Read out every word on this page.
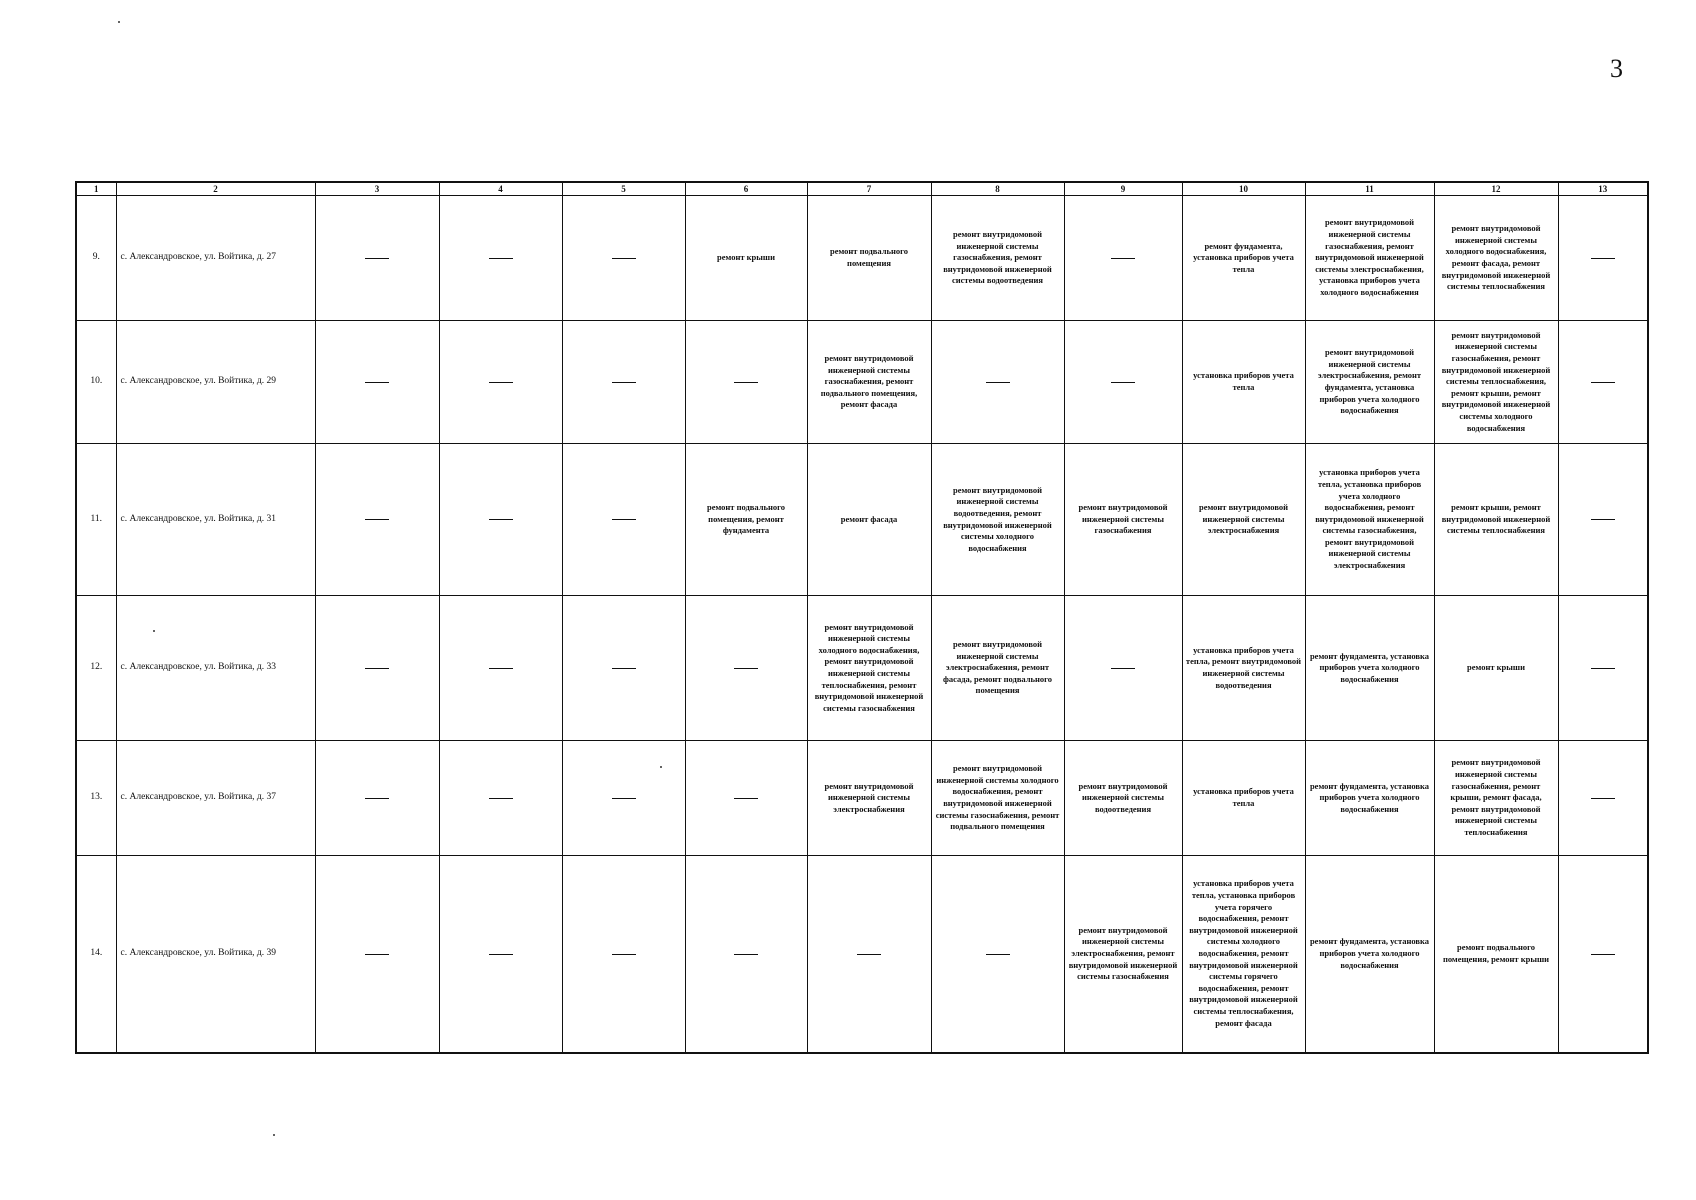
3
1	2	3	4	5	6	7	8	9	10	11	12	13
9.	с. Александровское, ул. Войтика, д. 27				ремонт крыши	ремонт подвального помещения	ремонт внутридомовой инженерной системы газоснабжения, ремонт внутридомовой инженерной системы водоотведения		ремонт фундамента, установка приборов учета тепла	ремонт внутридомовой инженерной системы газоснабжения, ремонт внутридомовой инженерной системы электроснабжения, установка приборов учета холодного водоснабжения	ремонт внутридомовой инженерной системы холодного водоснабжения, ремонт фасада, ремонт внутридомовой инженерной системы теплоснабжения	
10.	с. Александровское, ул. Войтика, д. 29					ремонт внутридомовой инженерной системы газоснабжения, ремонт подвального помещения, ремонт фасада			установка приборов учета тепла	ремонт внутридомовой инженерной системы электроснабжения, ремонт фундамента, установка приборов учета холодного водоснабжения	ремонт внутридомовой инженерной системы газоснабжения, ремонт внутридомовой инженерной системы теплоснабжения, ремонт крыши, ремонт внутридомовой инженерной системы холодного водоснабжения	
11.	с. Александровское, ул. Войтика, д. 31				ремонт подвального помещения, ремонт фундамента	ремонт фасада	ремонт внутридомовой инженерной системы водоотведения, ремонт внутридомовой инженерной системы холодного водоснабжения	ремонт внутридомовой инженерной системы газоснабжения	ремонт внутридомовой инженерной системы электроснабжения	установка приборов учета тепла, установка приборов учета холодного водоснабжения, ремонт внутридомовой инженерной системы газоснабжения, ремонт внутридомовой инженерной системы электроснабжения	ремонт крыши, ремонт внутридомовой инженерной системы теплоснабжения	
12.	с. Александровское, ул. Войтика, д. 33					ремонт внутридомовой инженерной системы холодного водоснабжения, ремонт внутридомовой инженерной системы теплоснабжения, ремонт внутридомовой инженерной системы газоснабжения	ремонт внутридомовой инженерной системы электроснабжения, ремонт фасада, ремонт подвального помещения		установка приборов учета тепла, ремонт внутридомовой инженерной системы водоотведения	ремонт фундамента, установка приборов учета холодного водоснабжения	ремонт крыши	
13.	с. Александровское, ул. Войтика, д. 37					ремонт внутридомовой инженерной системы электроснабжения	ремонт внутридомовой инженерной системы холодного водоснабжения, ремонт внутридомовой инженерной системы газоснабжения, ремонт подвального помещения	ремонт внутридомовой инженерной системы водоотведения	установка приборов учета тепла	ремонт фундамента, установка приборов учета холодного водоснабжения	ремонт внутридомовой инженерной системы газоснабжения, ремонт крыши, ремонт фасада, ремонт внутридомовой инженерной системы теплоснабжения	
14.	с. Александровское, ул. Войтика, д. 39							ремонт внутридомовой инженерной системы электроснабжения, ремонт внутридомовой инженерной системы газоснабжения	установка приборов учета тепла, установка приборов учета горячего водоснабжения, ремонт внутридомовой инженерной системы холодного водоснабжения, ремонт внутридомовой инженерной системы горячего водоснабжения, ремонт внутридомовой инженерной системы теплоснабжения, ремонт фасада	ремонт фундамента, установка приборов учета холодного водоснабжения	ремонт подвального помещения, ремонт крыши	
